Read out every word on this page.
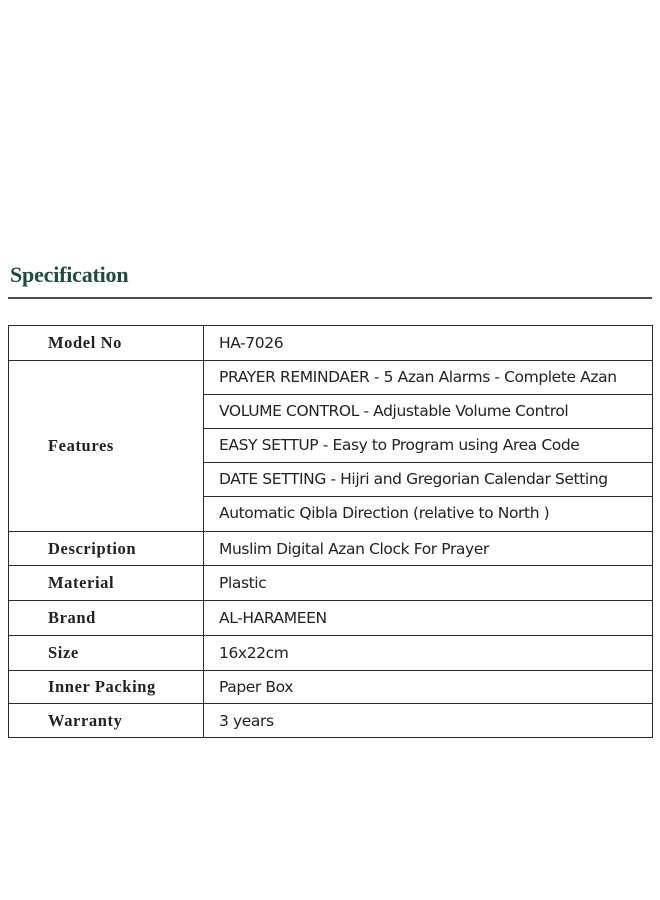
Specification
Model No	HA-7026
Features	PRAYER REMINDAER - 5 Azan Alarms - Complete Azan
VOLUME CONTROL - Adjustable Volume Control
EASY SETTUP - Easy to Program using Area Code
DATE SETTING - Hijri and Gregorian Calendar Setting
Automatic Qibla Direction (relative to North )

Description	Muslim Digital Azan Clock For Prayer
Material	Plastic
Brand	AL-HARAMEEN
Size	16x22cm
Inner Packing	Paper Box
Warranty	3 years
